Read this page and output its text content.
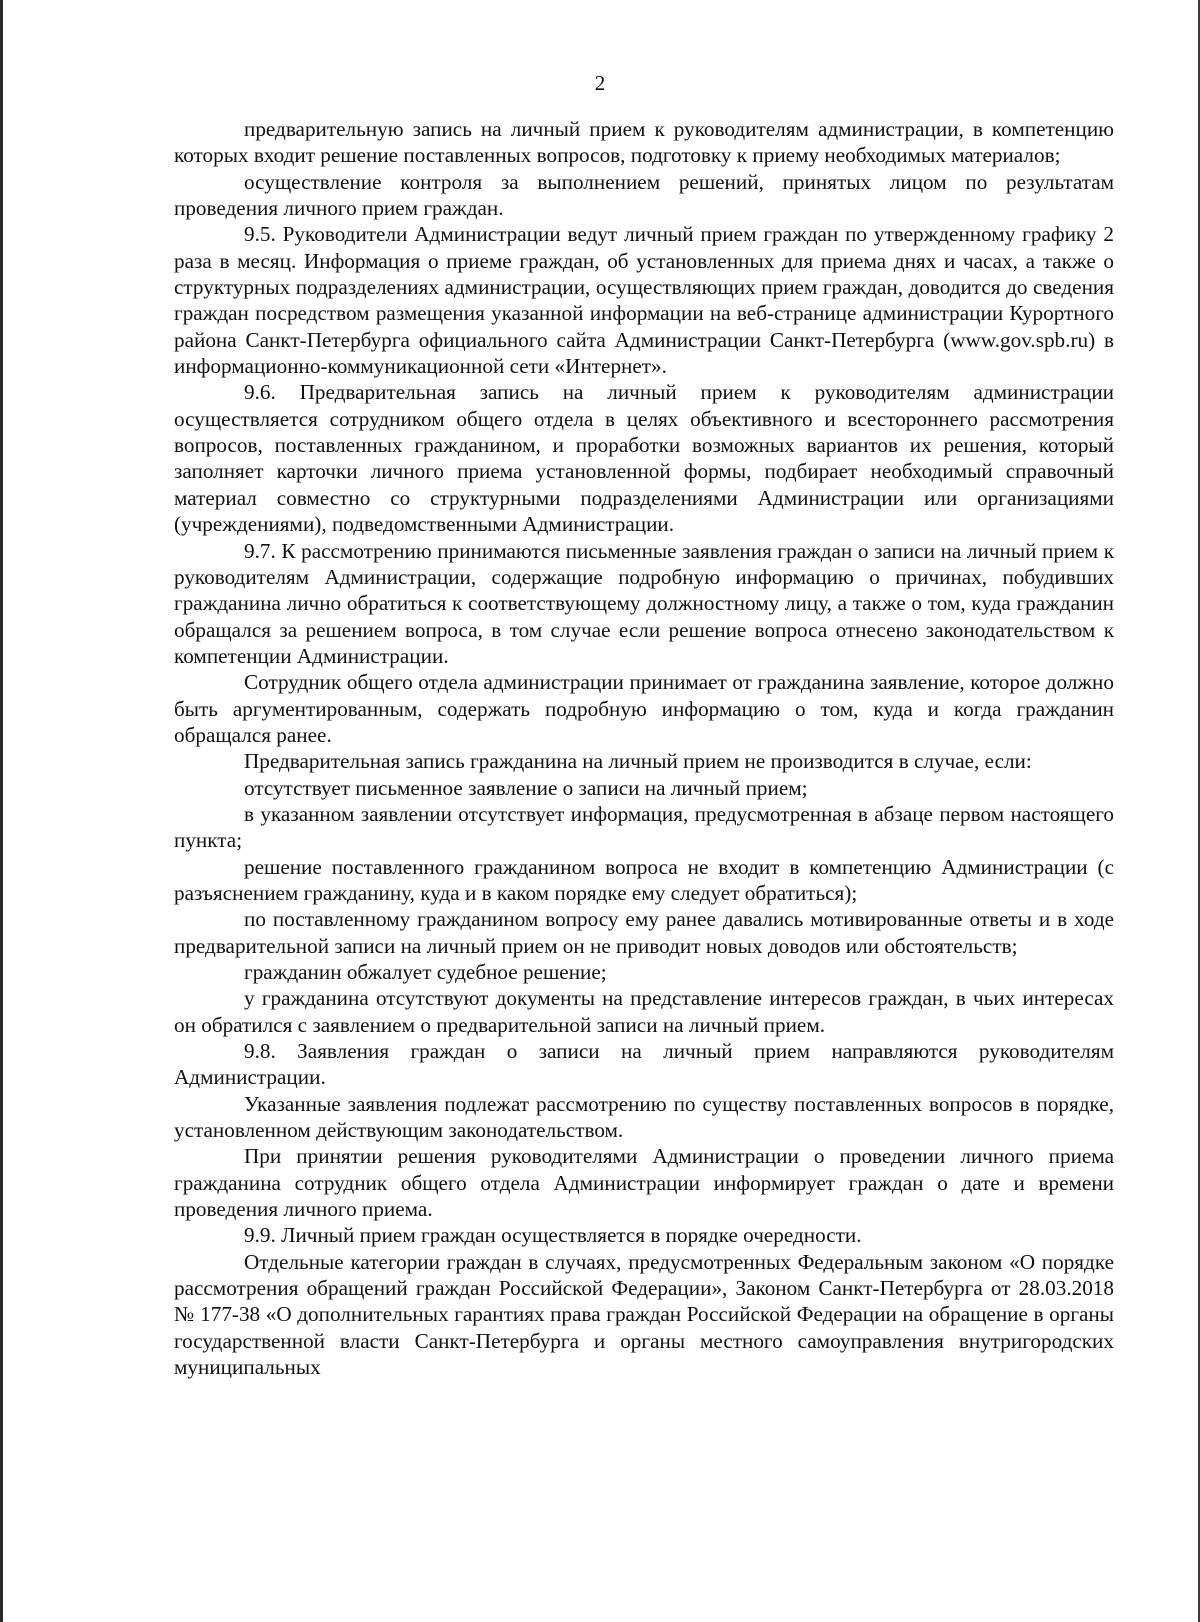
2

предварительную запись на личный прием к руководителям администрации, в компетенцию которых входит решение поставленных вопросов, подготовку к приему необходимых материалов;

осуществление контроля за выполнением решений, принятых лицом по результатам проведения личного прием граждан.

9.5. Руководители Администрации ведут личный прием граждан по утвержденному графику 2 раза в месяц. Информация о приеме граждан, об установленных для приема днях и часах, а также о структурных подразделениях администрации, осуществляющих прием граждан, доводится до сведения граждан посредством размещения указанной информации на веб-странице администрации Курортного района Санкт-Петербурга официального сайта Администрации Санкт-Петербурга (www.gov.spb.ru) в информационно-коммуникационной сети «Интернет».

9.6. Предварительная запись на личный прием к руководителям администрации осуществляется сотрудником общего отдела в целях объективного и всестороннего рассмотрения вопросов, поставленных гражданином, и проработки возможных вариантов их решения, который заполняет карточки личного приема установленной формы, подбирает необходимый справочный материал совместно со структурными подразделениями Администрации или организациями (учреждениями), подведомственными Администрации.

9.7. К рассмотрению принимаются письменные заявления граждан о записи на личный прием к руководителям Администрации, содержащие подробную информацию о причинах, побудивших гражданина лично обратиться к соответствующему должностному лицу, а также о том, куда гражданин обращался за решением вопроса, в том случае если решение вопроса отнесено законодательством к компетенции Администрации.

Сотрудник общего отдела администрации принимает от гражданина заявление, которое должно быть аргументированным, содержать подробную информацию о том, куда и когда гражданин обращался ранее.

Предварительная запись гражданина на личный прием не производится в случае, если:

отсутствует письменное заявление о записи на личный прием;

в указанном заявлении отсутствует информация, предусмотренная в абзаце первом настоящего пункта;

решение поставленного гражданином вопроса не входит в компетенцию Администрации (с разъяснением гражданину, куда и в каком порядке ему следует обратиться);

по поставленному гражданином вопросу ему ранее давались мотивированные ответы и в ходе предварительной записи на личный прием он не приводит новых доводов или обстоятельств;

гражданин обжалует судебное решение;

у гражданина отсутствуют документы на представление интересов граждан, в чьих интересах он обратился с заявлением о предварительной записи на личный прием.

9.8. Заявления граждан о записи на личный прием направляются руководителям Администрации.

Указанные заявления подлежат рассмотрению по существу поставленных вопросов в порядке, установленном действующим законодательством.

При принятии решения руководителями Администрации о проведении личного приема гражданина сотрудник общего отдела Администрации информирует граждан о дате и времени проведения личного приема.

9.9. Личный прием граждан осуществляется в порядке очередности.

Отдельные категории граждан в случаях, предусмотренных Федеральным законом «О порядке рассмотрения обращений граждан Российской Федерации», Законом Санкт-Петербурга от 28.03.2018 № 177-38 «О дополнительных гарантиях права граждан Российской Федерации на обращение в органы государственной власти Санкт-Петербурга и органы местного самоуправления внутригородских муниципальных
